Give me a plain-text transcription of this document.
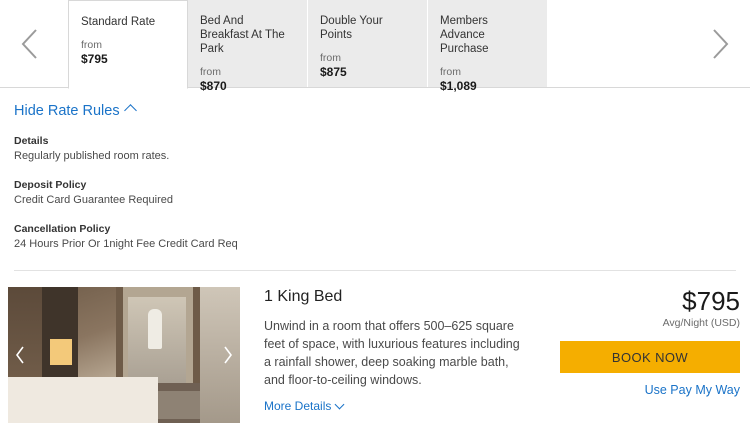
Standard Rate
from
$795
Bed And Breakfast At The Park
from
$870
Double Your Points
from
$875
Members Advance Purchase
from
$1,089
Hide Rate Rules
Details
Regularly published room rates.
Deposit Policy
Credit Card Guarantee Required
Cancellation Policy
24 Hours Prior Or 1night Fee Credit Card Req
1 King Bed
Unwind in a room that offers 500–625 square feet of space, with luxurious features including a rainfall shower, deep soaking marble bath, and floor-to-ceiling windows.
More Details
$795
Avg/Night (USD)
BOOK NOW
Use Pay My Way
